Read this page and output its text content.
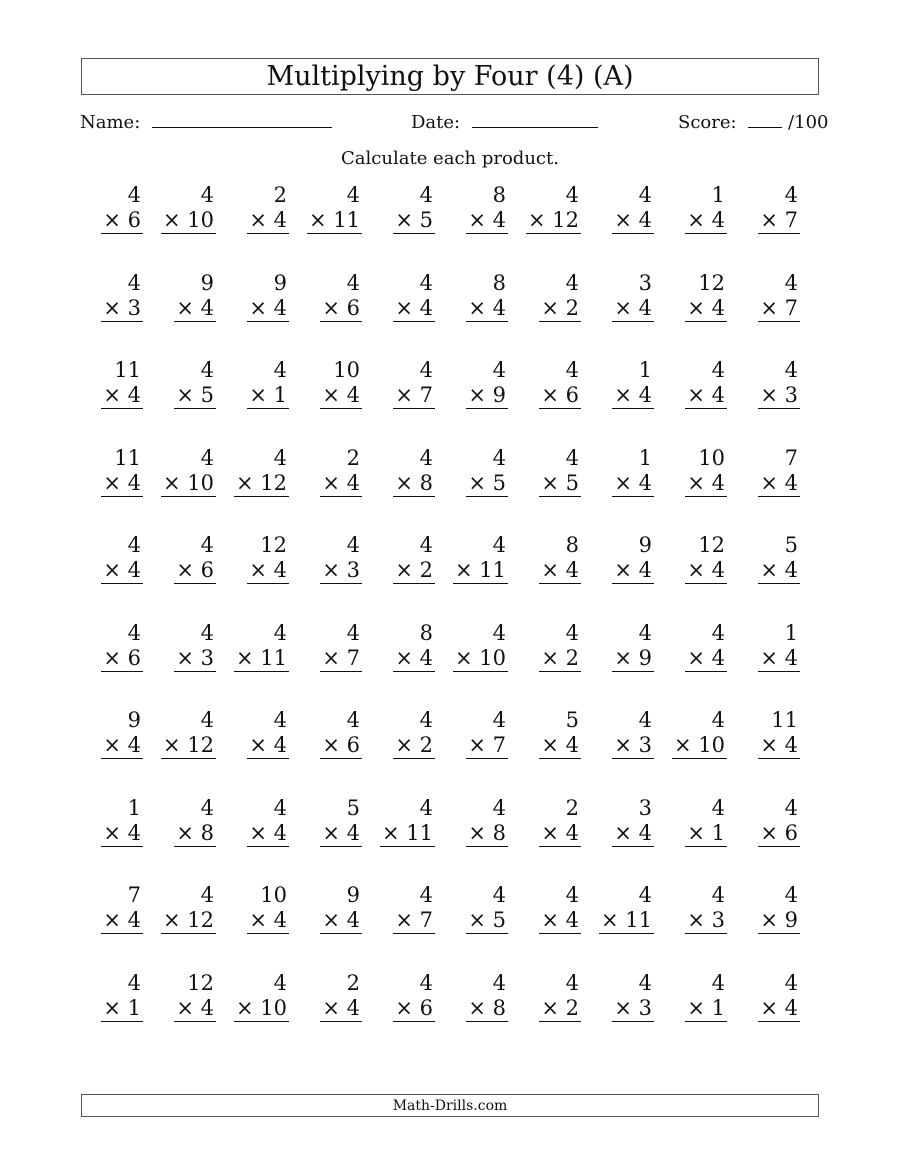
Multiplying by Four (4) (A)
Name:	Date:	Score:	/100
Calculate each product.
4
× 6
4
× 10
2
× 4
4
× 11
4
× 5
8
× 4
4
× 12
4
× 4
1
× 4
4
× 7
4
× 3
9
× 4
9
× 4
4
× 6
4
× 4
8
× 4
4
× 2
3
× 4
12
× 4
4
× 7
11
× 4
4
× 5
4
× 1
10
× 4
4
× 7
4
× 9
4
× 6
1
× 4
4
× 4
4
× 3
11
× 4
4
× 10
4
× 12
2
× 4
4
× 8
4
× 5
4
× 5
1
× 4
10
× 4
7
× 4
4
× 4
4
× 6
12
× 4
4
× 3
4
× 2
4
× 11
8
× 4
9
× 4
12
× 4
5
× 4
4
× 6
4
× 3
4
× 11
4
× 7
8
× 4
4
× 10
4
× 2
4
× 9
4
× 4
1
× 4
9
× 4
4
× 12
4
× 4
4
× 6
4
× 2
4
× 7
5
× 4
4
× 3
4
× 10
11
× 4
1
× 4
4
× 8
4
× 4
5
× 4
4
× 11
4
× 8
2
× 4
3
× 4
4
× 1
4
× 6
7
× 4
4
× 12
10
× 4
9
× 4
4
× 7
4
× 5
4
× 4
4
× 11
4
× 3
4
× 9
4
× 1
12
× 4
4
× 10
2
× 4
4
× 6
4
× 8
4
× 2
4
× 3
4
× 1
4
× 4
Math-Drills.com
